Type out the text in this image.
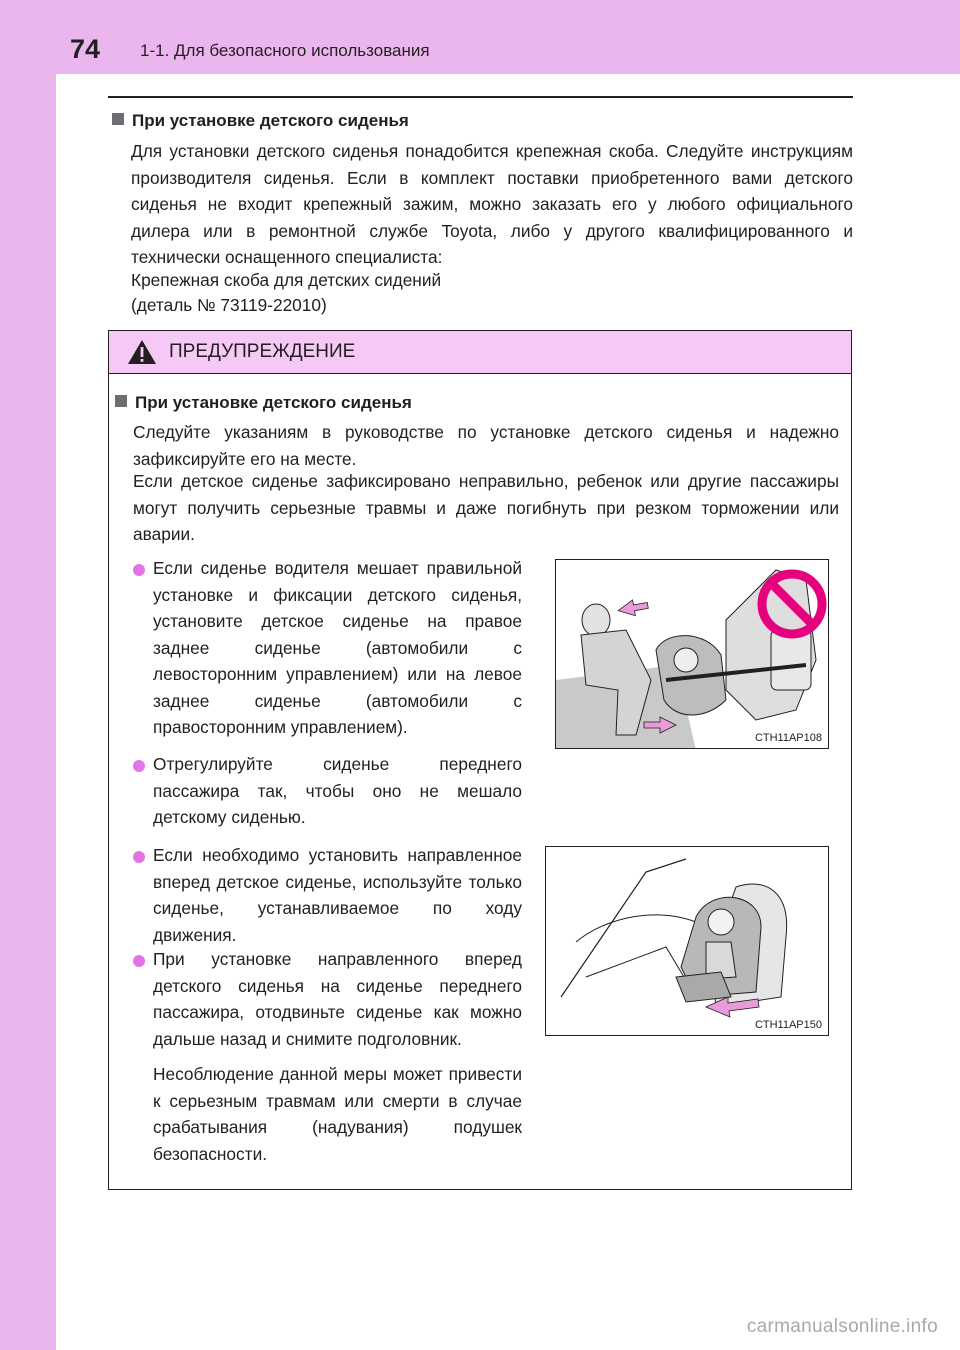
74 1-1. Для безопасного использования
При установке детского сиденья
Для установки детского сиденья понадобится крепежная скоба. Следуйте инструкциям производителя сиденья. Если в комплект поставки приобретенного вами детского сиденья не входит крепежный зажим, можно заказать его у любого официального дилера или в ремонтной службе Toyota, либо у другого квалифицированного и технически оснащенного специалиста:
Крепежная скоба для детских сидений
(деталь № 73119-22010)
ПРЕДУПРЕЖДЕНИЕ
При установке детского сиденья
Следуйте указаниям в руководстве по установке детского сиденья и надежно зафиксируйте его на месте.
Если детское сиденье зафиксировано неправильно, ребенок или другие пассажиры могут получить серьезные травмы и даже погибнуть при резком торможении или аварии.
Если сиденье водителя мешает правильной установке и фиксации детского сиденья, установите детское сиденье на правое заднее сиденье (автомобили с левосторонним управлением) или на левое заднее сиденье (автомобили с правосторонним управлением).
Отрегулируйте сиденье переднего пассажира так, чтобы оно не мешало детскому сиденью.
Если необходимо установить направленное вперед детское сиденье, используйте только сиденье, устанавливаемое по ходу движения.
При установке направленного вперед детского сиденья на сиденье переднего пассажира, отодвиньте сиденье как можно дальше назад и снимите подголовник.
Несоблюдение данной меры может привести к серьезным травмам или смерти в случае срабатывания (надувания) подушек безопасности.
CTH11AP108
CTH11AP150
carmanualsonline.info
